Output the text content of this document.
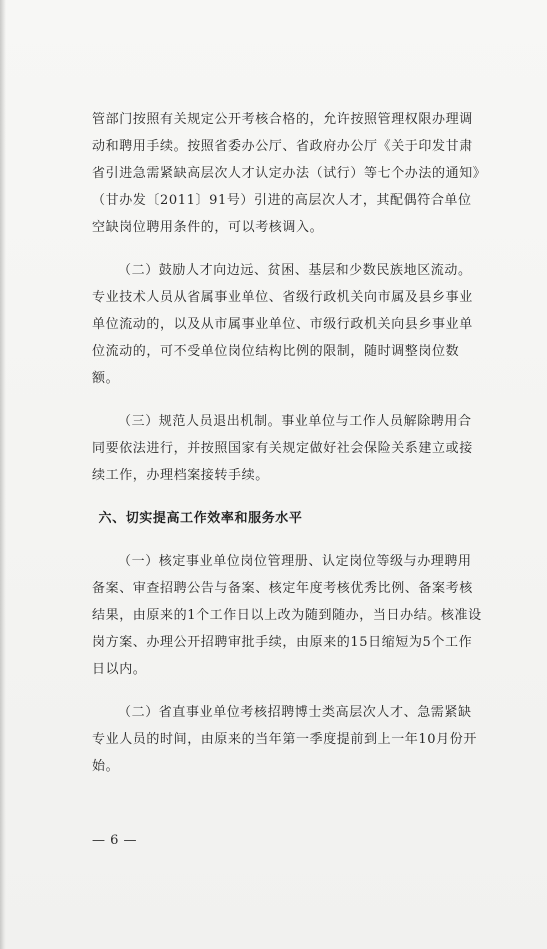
管部门按照有关规定公开考核合格的，允许按照管理权限办理调动和聘用手续。按照省委办公厅、省政府办公厅《关于印发甘肃省引进急需紧缺高层次人才认定办法（试行）等七个办法的通知》（甘办发〔2011〕91号）引进的高层次人才，其配偶符合单位空缺岗位聘用条件的，可以考核调入。

（二）鼓励人才向边远、贫困、基层和少数民族地区流动。专业技术人员从省属事业单位、省级行政机关向市属及县乡事业单位流动的，以及从市属事业单位、市级行政机关向县乡事业单位流动的，可不受单位岗位结构比例的限制，随时调整岗位数额。

（三）规范人员退出机制。事业单位与工作人员解除聘用合同要依法进行，并按照国家有关规定做好社会保险关系建立或接续工作，办理档案接转手续。

六、切实提高工作效率和服务水平

（一）核定事业单位岗位管理册、认定岗位等级与办理聘用备案、审查招聘公告与备案、核定年度考核优秀比例、备案考核结果，由原来的1个工作日以上改为随到随办，当日办结。核准设岗方案、办理公开招聘审批手续，由原来的15日缩短为5个工作日以内。

（二）省直事业单位考核招聘博士类高层次人才、急需紧缺专业人员的时间，由原来的当年第一季度提前到上一年10月份开始。

— 6 —
